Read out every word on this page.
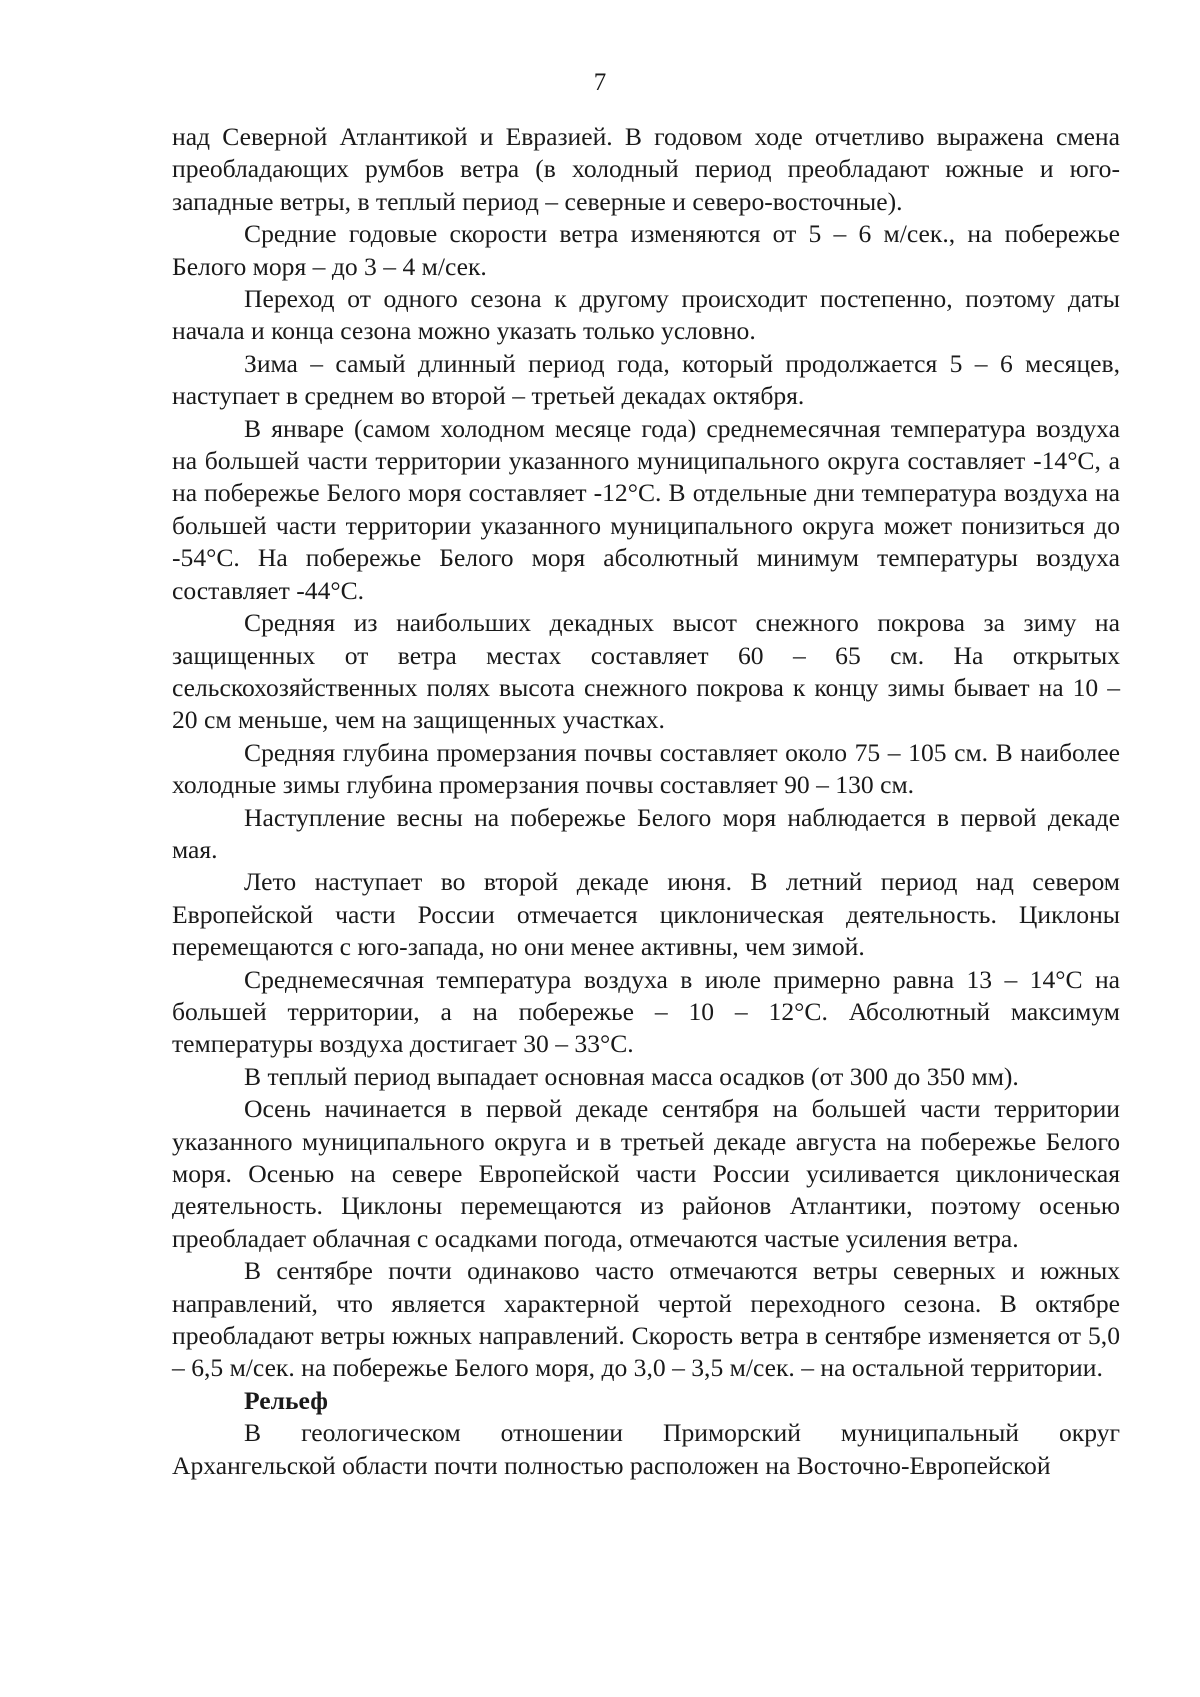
7

над Северной Атлантикой и Евразией. В годовом ходе отчетливо выражена смена преобладающих румбов ветра (в холодный период преобладают южные и юго-западные ветры, в теплый период – северные и северо-восточные).

Средние годовые скорости ветра изменяются от 5 – 6 м/сек., на побережье Белого моря – до 3 – 4 м/сек.

Переход от одного сезона к другому происходит постепенно, поэтому даты начала и конца сезона можно указать только условно.

Зима – самый длинный период года, который продолжается 5 – 6 месяцев, наступает в среднем во второй – третьей декадах октября.

В январе (самом холодном месяце года) среднемесячная температура воздуха на большей части территории указанного муниципального округа составляет -14°С, а на побережье Белого моря составляет -12°С. В отдельные дни температура воздуха на большей части территории указанного муниципального округа может понизиться до -54°С. На побережье Белого моря абсолютный минимум температуры воздуха составляет -44°С.

Средняя из наибольших декадных высот снежного покрова за зиму на защищенных от ветра местах составляет 60 – 65 см. На открытых сельскохозяйственных полях высота снежного покрова к концу зимы бывает на 10 – 20 см меньше, чем на защищенных участках.

Средняя глубина промерзания почвы составляет около 75 – 105 см. В наиболее холодные зимы глубина промерзания почвы составляет 90 – 130 см.

Наступление весны на побережье Белого моря наблюдается в первой декаде мая.

Лето наступает во второй декаде июня. В летний период над севером Европейской части России отмечается циклоническая деятельность. Циклоны перемещаются с юго-запада, но они менее активны, чем зимой.

Среднемесячная температура воздуха в июле примерно равна 13 – 14°С на большей территории, а на побережье – 10 – 12°С. Абсолютный максимум температуры воздуха достигает 30 – 33°С.

В теплый период выпадает основная масса осадков (от 300 до 350 мм).

Осень начинается в первой декаде сентября на большей части территории указанного муниципального округа и в третьей декаде августа на побережье Белого моря. Осенью на севере Европейской части России усиливается циклоническая деятельность. Циклоны перемещаются из районов Атлантики, поэтому осенью преобладает облачная с осадками погода, отмечаются частые усиления ветра.

В сентябре почти одинаково часто отмечаются ветры северных и южных направлений, что является характерной чертой переходного сезона. В октябре преобладают ветры южных направлений. Скорость ветра в сентябре изменяется от 5,0 – 6,5 м/сек. на побережье Белого моря, до 3,0 – 3,5 м/сек. – на остальной территории.

Рельеф

В геологическом отношении Приморский муниципальный округ Архангельской области почти полностью расположен на Восточно-Европейской
